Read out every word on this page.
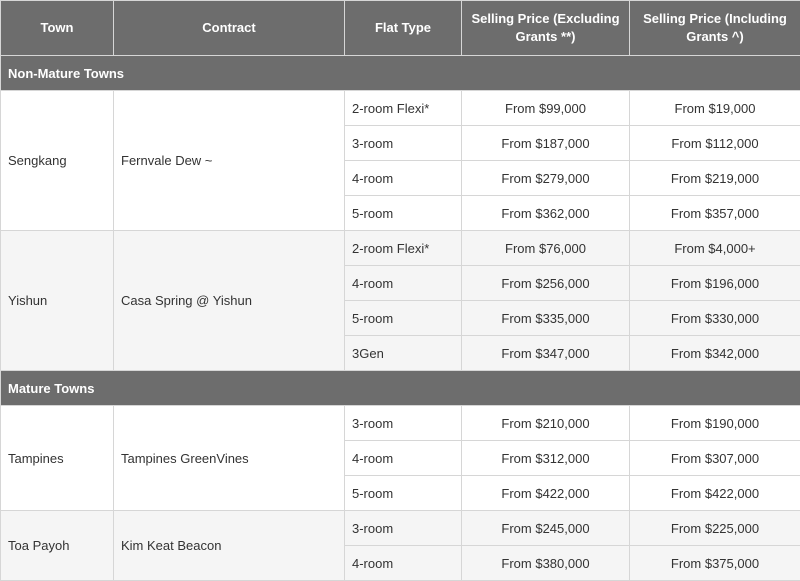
Town	Contract	Flat Type	Selling Price (Excluding Grants **)	Selling Price (Including Grants ^)
Non-Mature Towns				
Sengkang	Fernvale Dew ~	2-room Flexi*	From $99,000	From $19,000
		3-room	From $187,000	From $112,000
		4-room	From $279,000	From $219,000
		5-room	From $362,000	From $357,000
Yishun	Casa Spring @ Yishun	2-room Flexi*	From $76,000	From $4,000+
		4-room	From $256,000	From $196,000
		5-room	From $335,000	From $330,000
		3Gen	From $347,000	From $342,000
Mature Towns				
Tampines	Tampines GreenVines	3-room	From $210,000	From $190,000
		4-room	From $312,000	From $307,000
		5-room	From $422,000	From $422,000
Toa Payoh	Kim Keat Beacon	3-room	From $245,000	From $225,000
		4-room	From $380,000	From $375,000
